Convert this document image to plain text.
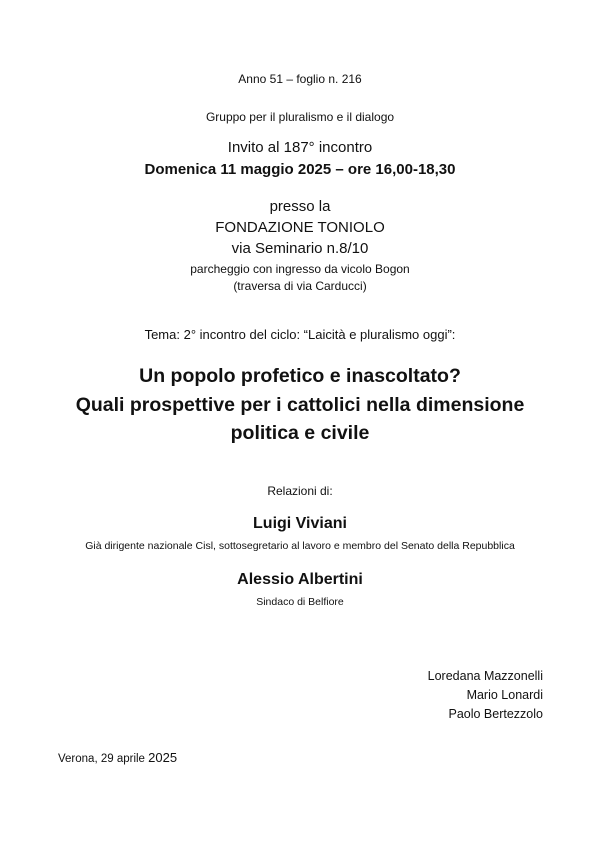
Anno 51 – foglio n. 216
Gruppo per il pluralismo e il dialogo
Invito al 187° incontro
Domenica 11 maggio 2025 – ore 16,00-18,30
presso la
FONDAZIONE TONIOLO
via Seminario n.8/10
parcheggio con ingresso da vicolo Bogon
(traversa di via Carducci)
Tema: 2° incontro del ciclo: “Laicità e pluralismo oggi”:
Un popolo profetico e inascoltato?
Quali prospettive per i cattolici nella dimensione
politica e civile
Relazioni di:
Luigi Viviani
Già dirigente nazionale Cisl, sottosegretario al lavoro e membro del Senato della Repubblica
Alessio Albertini
Sindaco di Belfiore
Loredana Mazzonelli
Mario Lonardi
Paolo Bertezzolo
Verona, 29 aprile 2025
